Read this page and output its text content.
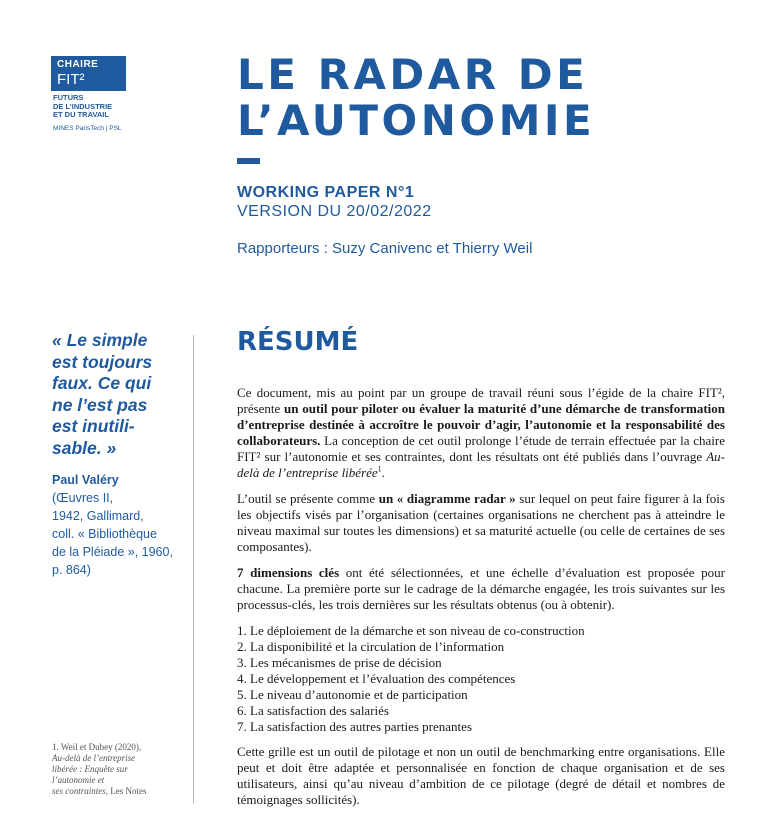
CHAIRE
FIT²
FUTURS
DE L’INDUSTRIE
ET DU TRAVAIL
MINES ParisTech | PSL
LE RADAR DE
L’AUTONOMIE
WORKING PAPER N°1
VERSION DU 20/02/2022
Rapporteurs : Suzy Canivenc et Thierry Weil
« Le simple
est toujours
faux. Ce qui
ne l’est pas
est inutili-
sable. »
Paul Valéry
(Œuvres II,
1942, Gallimard,
coll. « Bibliothèque
de la Pléiade », 1960,
p. 864)
1. Weil et Dubey (2020),
Au-delà de l’entreprise
libérée : Enquête sur
l’autonomie et
ses contraintes, Les Notes
RÉSUMÉ

Ce document, mis au point par un groupe de travail réuni sous l’égide de la chaire FIT², présente un outil pour piloter ou évaluer la maturité d’une démarche de transformation d’entreprise destinée à accroître le pouvoir d’agir, l’autonomie et la responsabilité des collaborateurs. La conception de cet outil prolonge l’étude de terrain effectuée par la chaire FIT² sur l’autonomie et ses contraintes, dont les résultats ont été publiés dans l’ouvrage Au-delà de l’entreprise libérée$^1$.

L’outil se présente comme un « diagramme radar » sur lequel on peut faire figurer à la fois les objectifs visés par l’organisation (certaines organisations ne cherchent pas à atteindre le niveau maximal sur toutes les dimensions) et sa maturité actuelle (ou celle de certaines de ses composantes).

7 dimensions clés ont été sélectionnées, et une échelle d’évaluation est proposée pour chacune. La première porte sur le cadrage de la démarche engagée, les trois suivantes sur les processus-clés, les trois dernières sur les résultats obtenus (ou à obtenir).

1. Le déploiement de la démarche et son niveau de co-construction
2. La disponibilité et la circulation de l’information
3. Les mécanismes de prise de décision
4. Le développement et l’évaluation des compétences
5. Le niveau d’autonomie et de participation
6. La satisfaction des salariés
7. La satisfaction des autres parties prenantes

Cette grille est un outil de pilotage et non un outil de benchmarking entre organisations. Elle peut et doit être adaptée et personnalisée en fonction de chaque organisation et de ses utilisateurs, ainsi qu’au niveau d’ambition de ce pilotage (degré de détail et nombres de témoignages sollicités).
